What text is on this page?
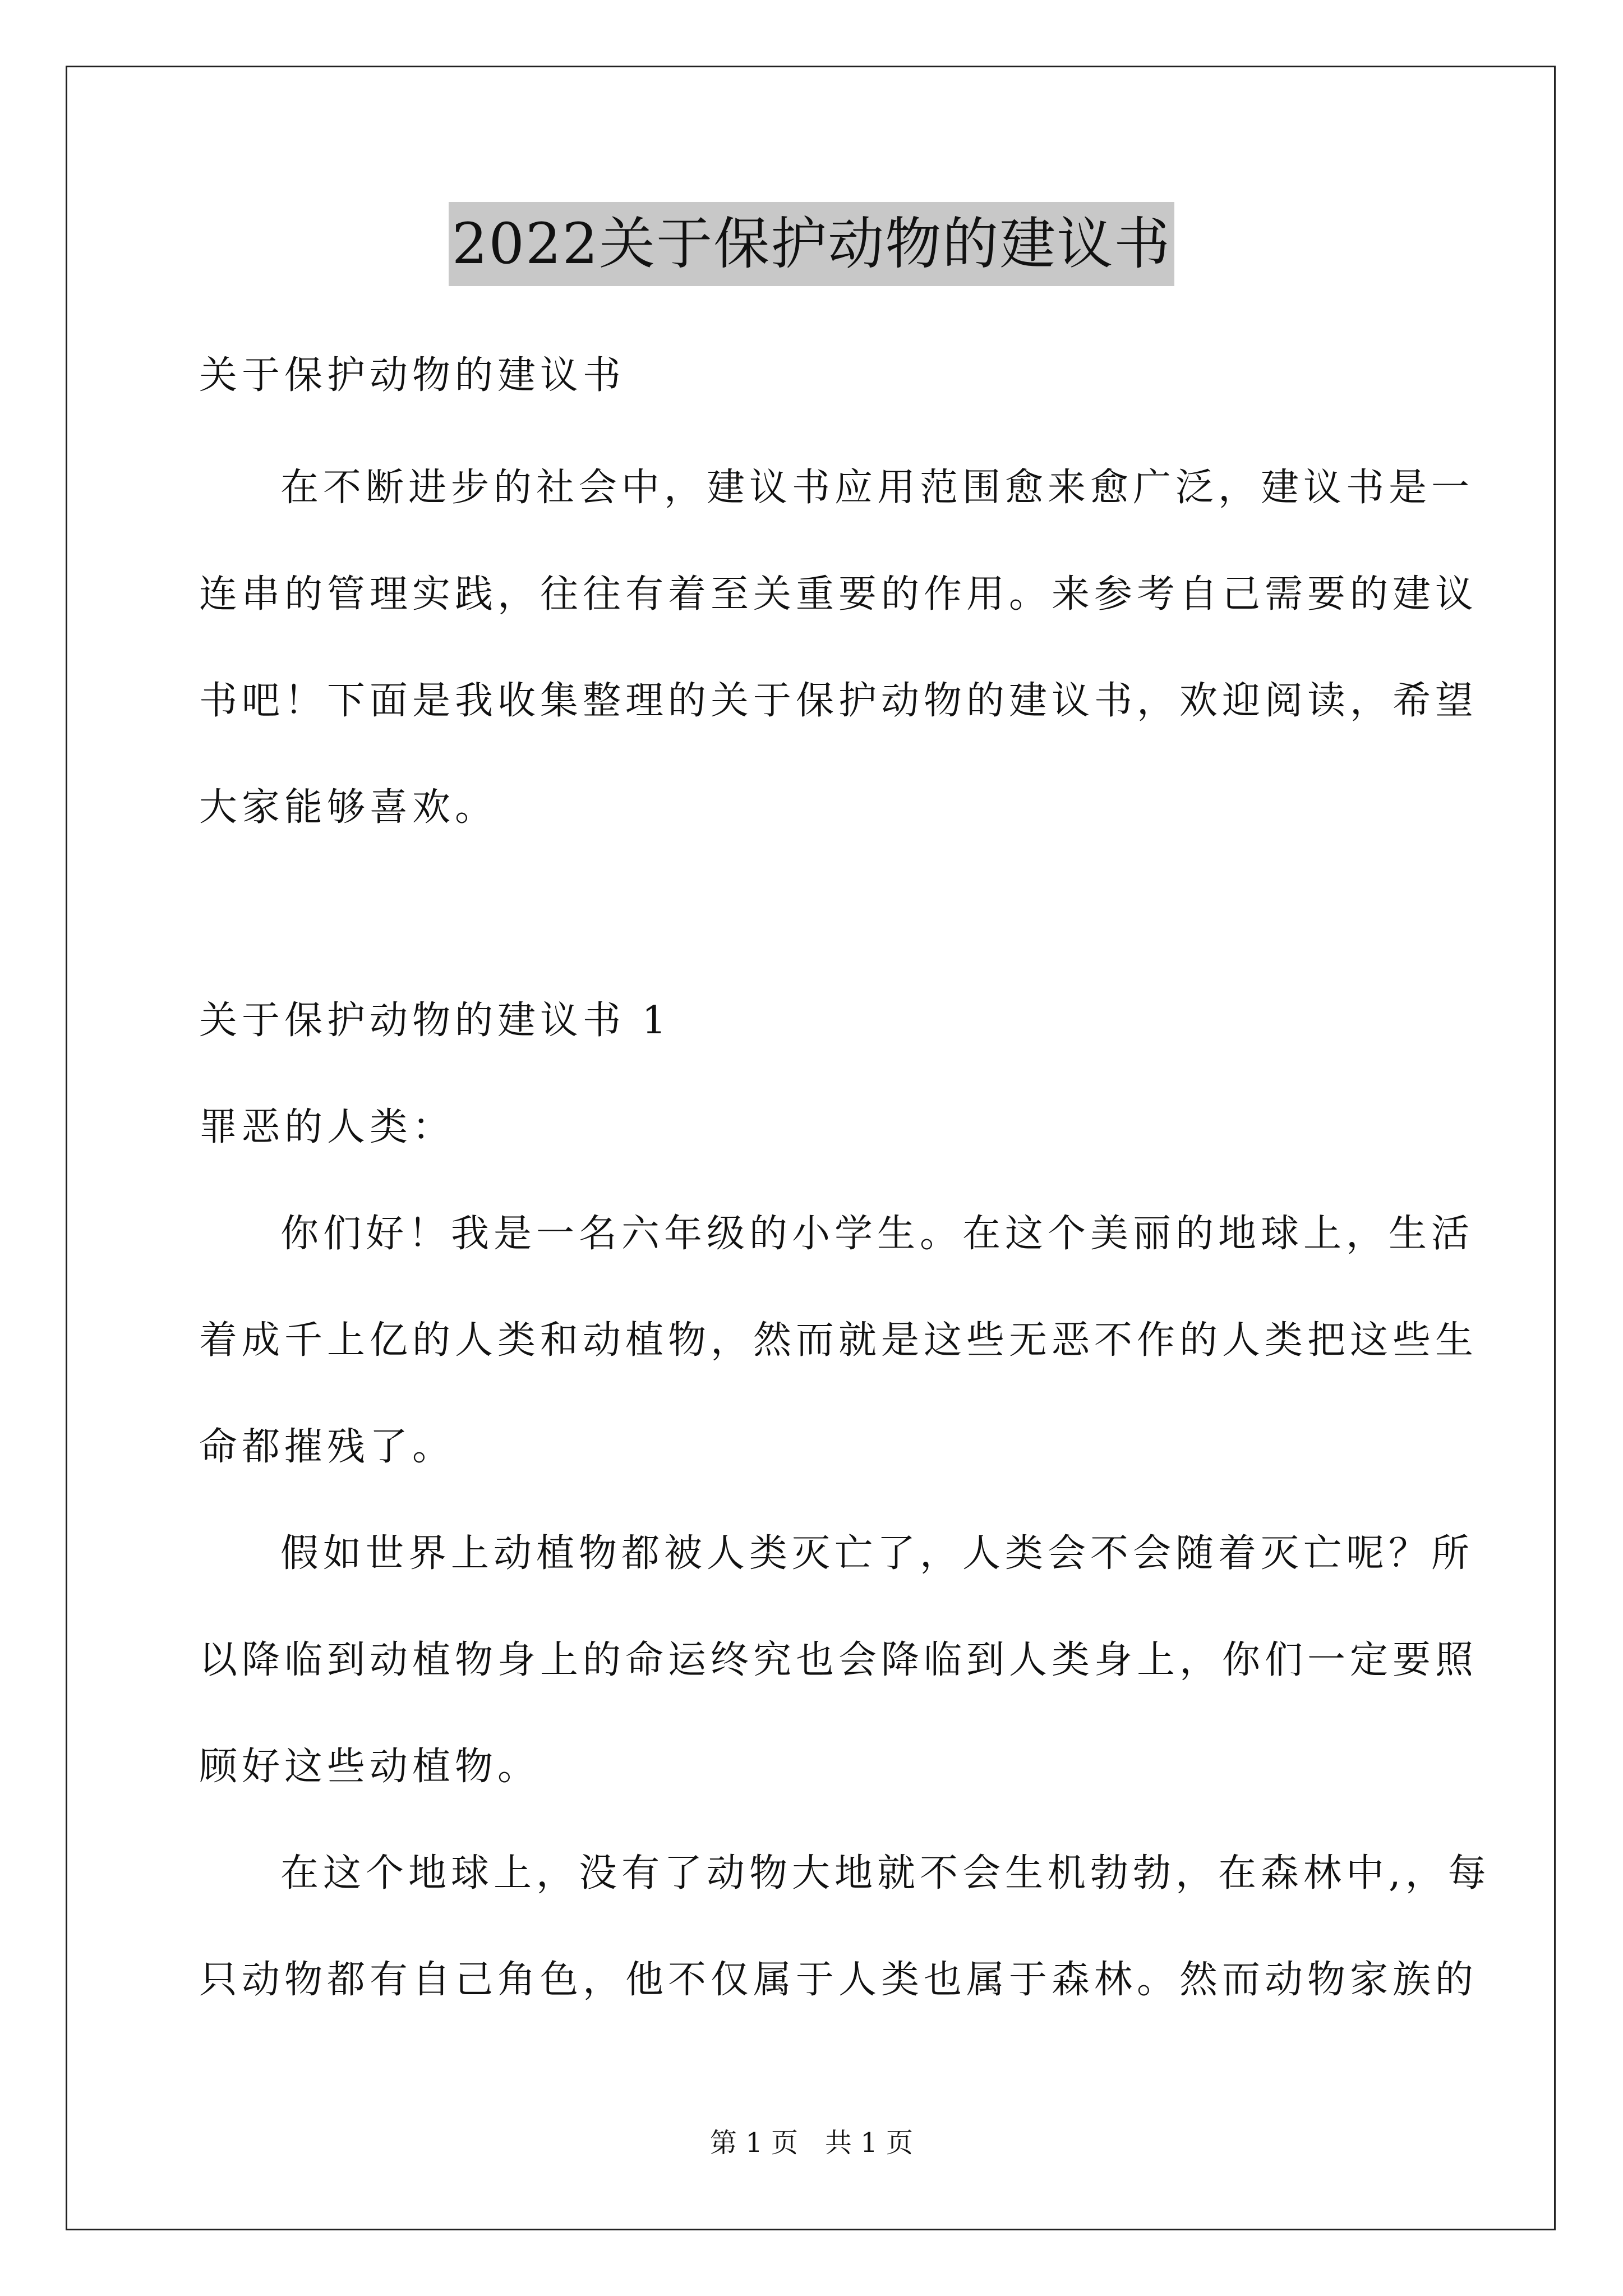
2022关于保护动物的建议书
关于保护动物的建议书
在不断进步的社会中，建议书应用范围愈来愈广泛，建议书是一
连串的管理实践，往往有着至关重要的作用。来参考自己需要的建议
书吧！下面是我收集整理的关于保护动物的建议书，欢迎阅读，希望
大家能够喜欢。
关于保护动物的建议书 1
罪恶的人类：
你们好！我是一名六年级的小学生。在这个美丽的地球上，生活
着成千上亿的人类和动植物，然而就是这些无恶不作的人类把这些生
命都摧残了。
假如世界上动植物都被人类灭亡了，人类会不会随着灭亡呢？所
以降临到动植物身上的命运终究也会降临到人类身上，你们一定要照
顾好这些动植物。
在这个地球上，没有了动物大地就不会生机勃勃，在森林中,，每
只动物都有自己角色，他不仅属于人类也属于森林。然而动物家族的
第 1 页　共 1 页
